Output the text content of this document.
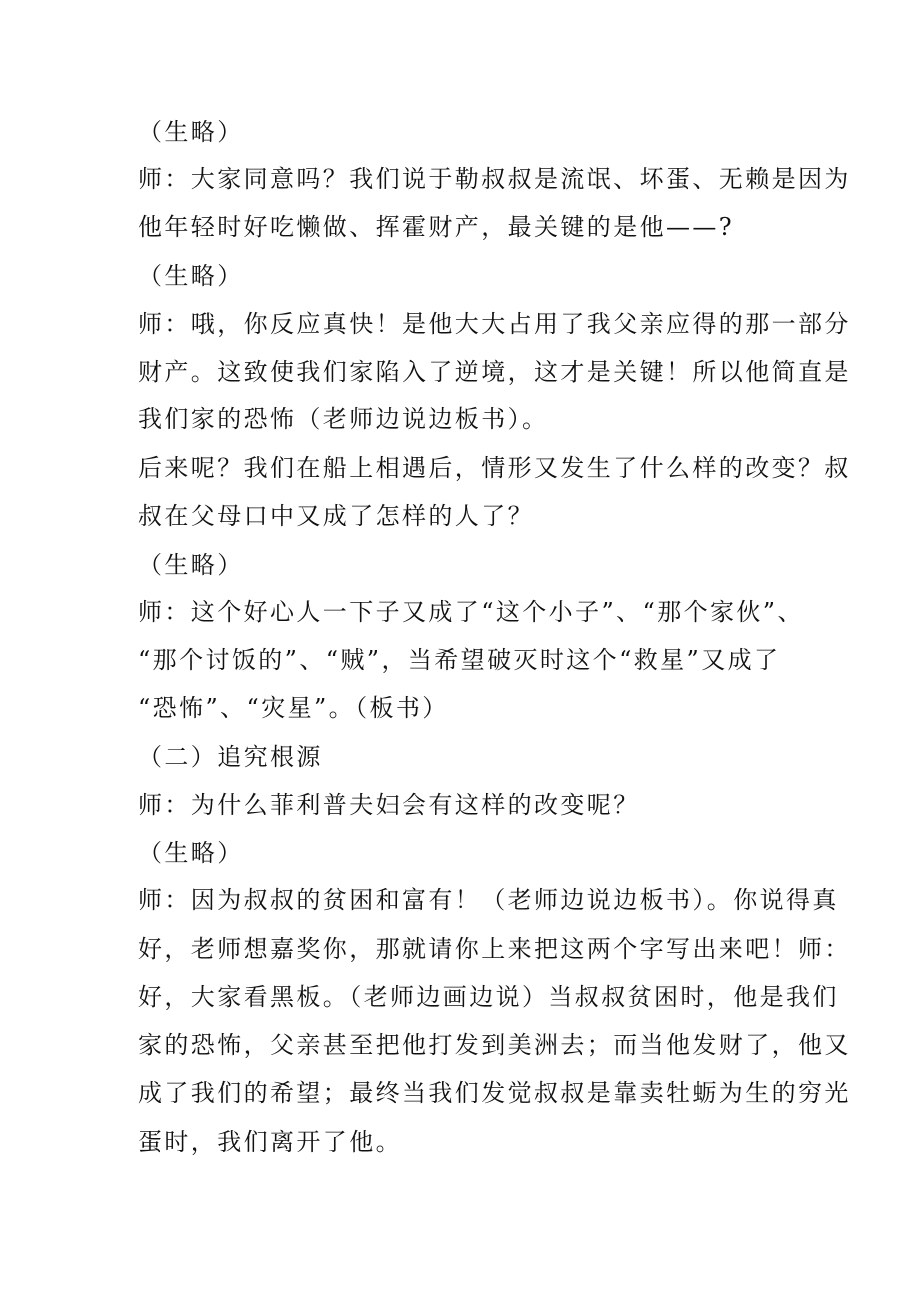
（生略）
师：大家同意吗？我们说于勒叔叔是流氓、坏蛋、无赖是因为
他年轻时好吃懒做、挥霍财产，最关键的是他——?
（生略）
师：哦，你反应真快！是他大大占用了我父亲应得的那一部分
财产。这致使我们家陷入了逆境，这才是关键！所以他简直是
我们家的恐怖（老师边说边板书）。
后来呢？我们在船上相遇后，情形又发生了什么样的改变？叔
叔在父母口中又成了怎样的人了？
（生略）
师：这个好心人一下子又成了“这个小子”、“那个家伙”、
“那个讨饭的”、“贼”，当希望破灭时这个“救星”又成了
“恐怖”、“灾星”。（板书）
（二）追究根源
师：为什么菲利普夫妇会有这样的改变呢？
（生略）
师：因为叔叔的贫困和富有！（老师边说边板书）。你说得真
好，老师想嘉奖你，那就请你上来把这两个字写出来吧！师：
好，大家看黑板。（老师边画边说）当叔叔贫困时，他是我们
家的恐怖，父亲甚至把他打发到美洲去；而当他发财了，他又
成了我们的希望；最终当我们发觉叔叔是靠卖牡蛎为生的穷光
蛋时，我们离开了他。
